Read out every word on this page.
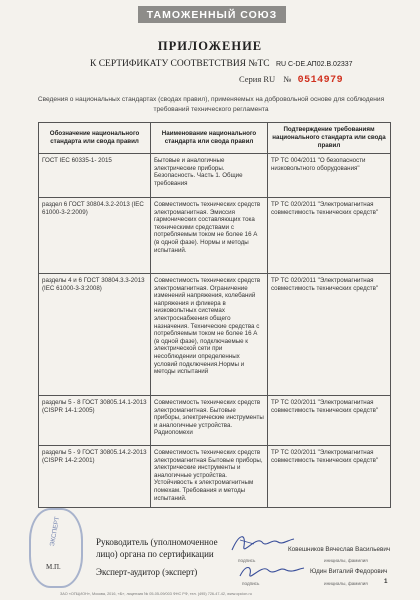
ТАМОЖЕННЫЙ СОЮЗ
ПРИЛОЖЕНИЕ
К СЕРТИФИКАТУ СООТВЕТСТВИЯ №ТС RU C-DE.АП02.В.02337
Серия RU № 0514979
Сведения о национальных стандартах (сводах правил), применяемых на добровольной основе для соблюдения требований технического регламента
Обозначение национального стандарта или свода правил	Наименование национального стандарта или свода правил	Подтверждение требованиям национального стандарта или свода правил
ГОСТ IEC 60335-1- 2015	Бытовые и аналогичные электрические приборы. Безопасность. Часть 1. Общие требования	ТР ТС 004/2011 "О безопасности низковольтного оборудования"
раздел 6 ГОСТ 30804.3.2-2013 (IEC 61000-3-2:2009)	Совместимость технических средств электромагнитная. Эмиссия гармонических составляющих тока техническими средствами с потребляемым током не более 16 А (в одной фазе). Нормы и методы испытаний.	ТР ТС 020/2011 "Электромагнитная совместимость технических средств"
разделы 4 и 6 ГОСТ 30804.3.3-2013 (IEC 61000-3-3:2008)	Совместимость технических средств электромагнитная. Ограничение изменений напряжения, колебаний напряжения и фликера в низковольтных системах электроснабжения общего назначения. Технические средства с потребляемым током не более 16 А (в одной фазе), подключаемые к электрической сети при несоблюдении определенных условий подключения.Нормы и методы испытаний	ТР ТС 020/2011 "Электромагнитная совместимость технических средств"
разделы 5 - 8 ГОСТ 30805.14.1-2013 (CISPR 14-1:2005)	Совместимость технических средств электромагнитная. Бытовые приборы, электрические инструменты и аналогичные устройства. Радиопомехи	ТР ТС 020/2011 "Электромагнитная совместимость технических средств"
разделы 5 - 9 ГОСТ 30805.14.2-2013 (CISPR 14-2:2001)	Совместимость технических средств электромагнитная Бытовые приборы, электрические инструменты и аналогичные устройства. Устойчивость к электромагнитным помехам. Требования и методы испытаний.	ТР ТС 020/2011 "Электромагнитная совместимость технических средств"
ЭКСПЕРТ
М.П.
Руководитель (уполномоченное
лицо) органа по сертификации
Эксперт-аудитор (эксперт)
Ковешников Вячеслав Васильевич
подпись	инициалы, фамилия
Юдин Виталий Федорович
подпись	инициалы, фамилия	1
ЗАО «ОПЦИОН», Москва, 2016, «Б», лицензия № 05-05-09/003 ФНС РФ, тел. (495) 726-47-42, www.opcion.ru
